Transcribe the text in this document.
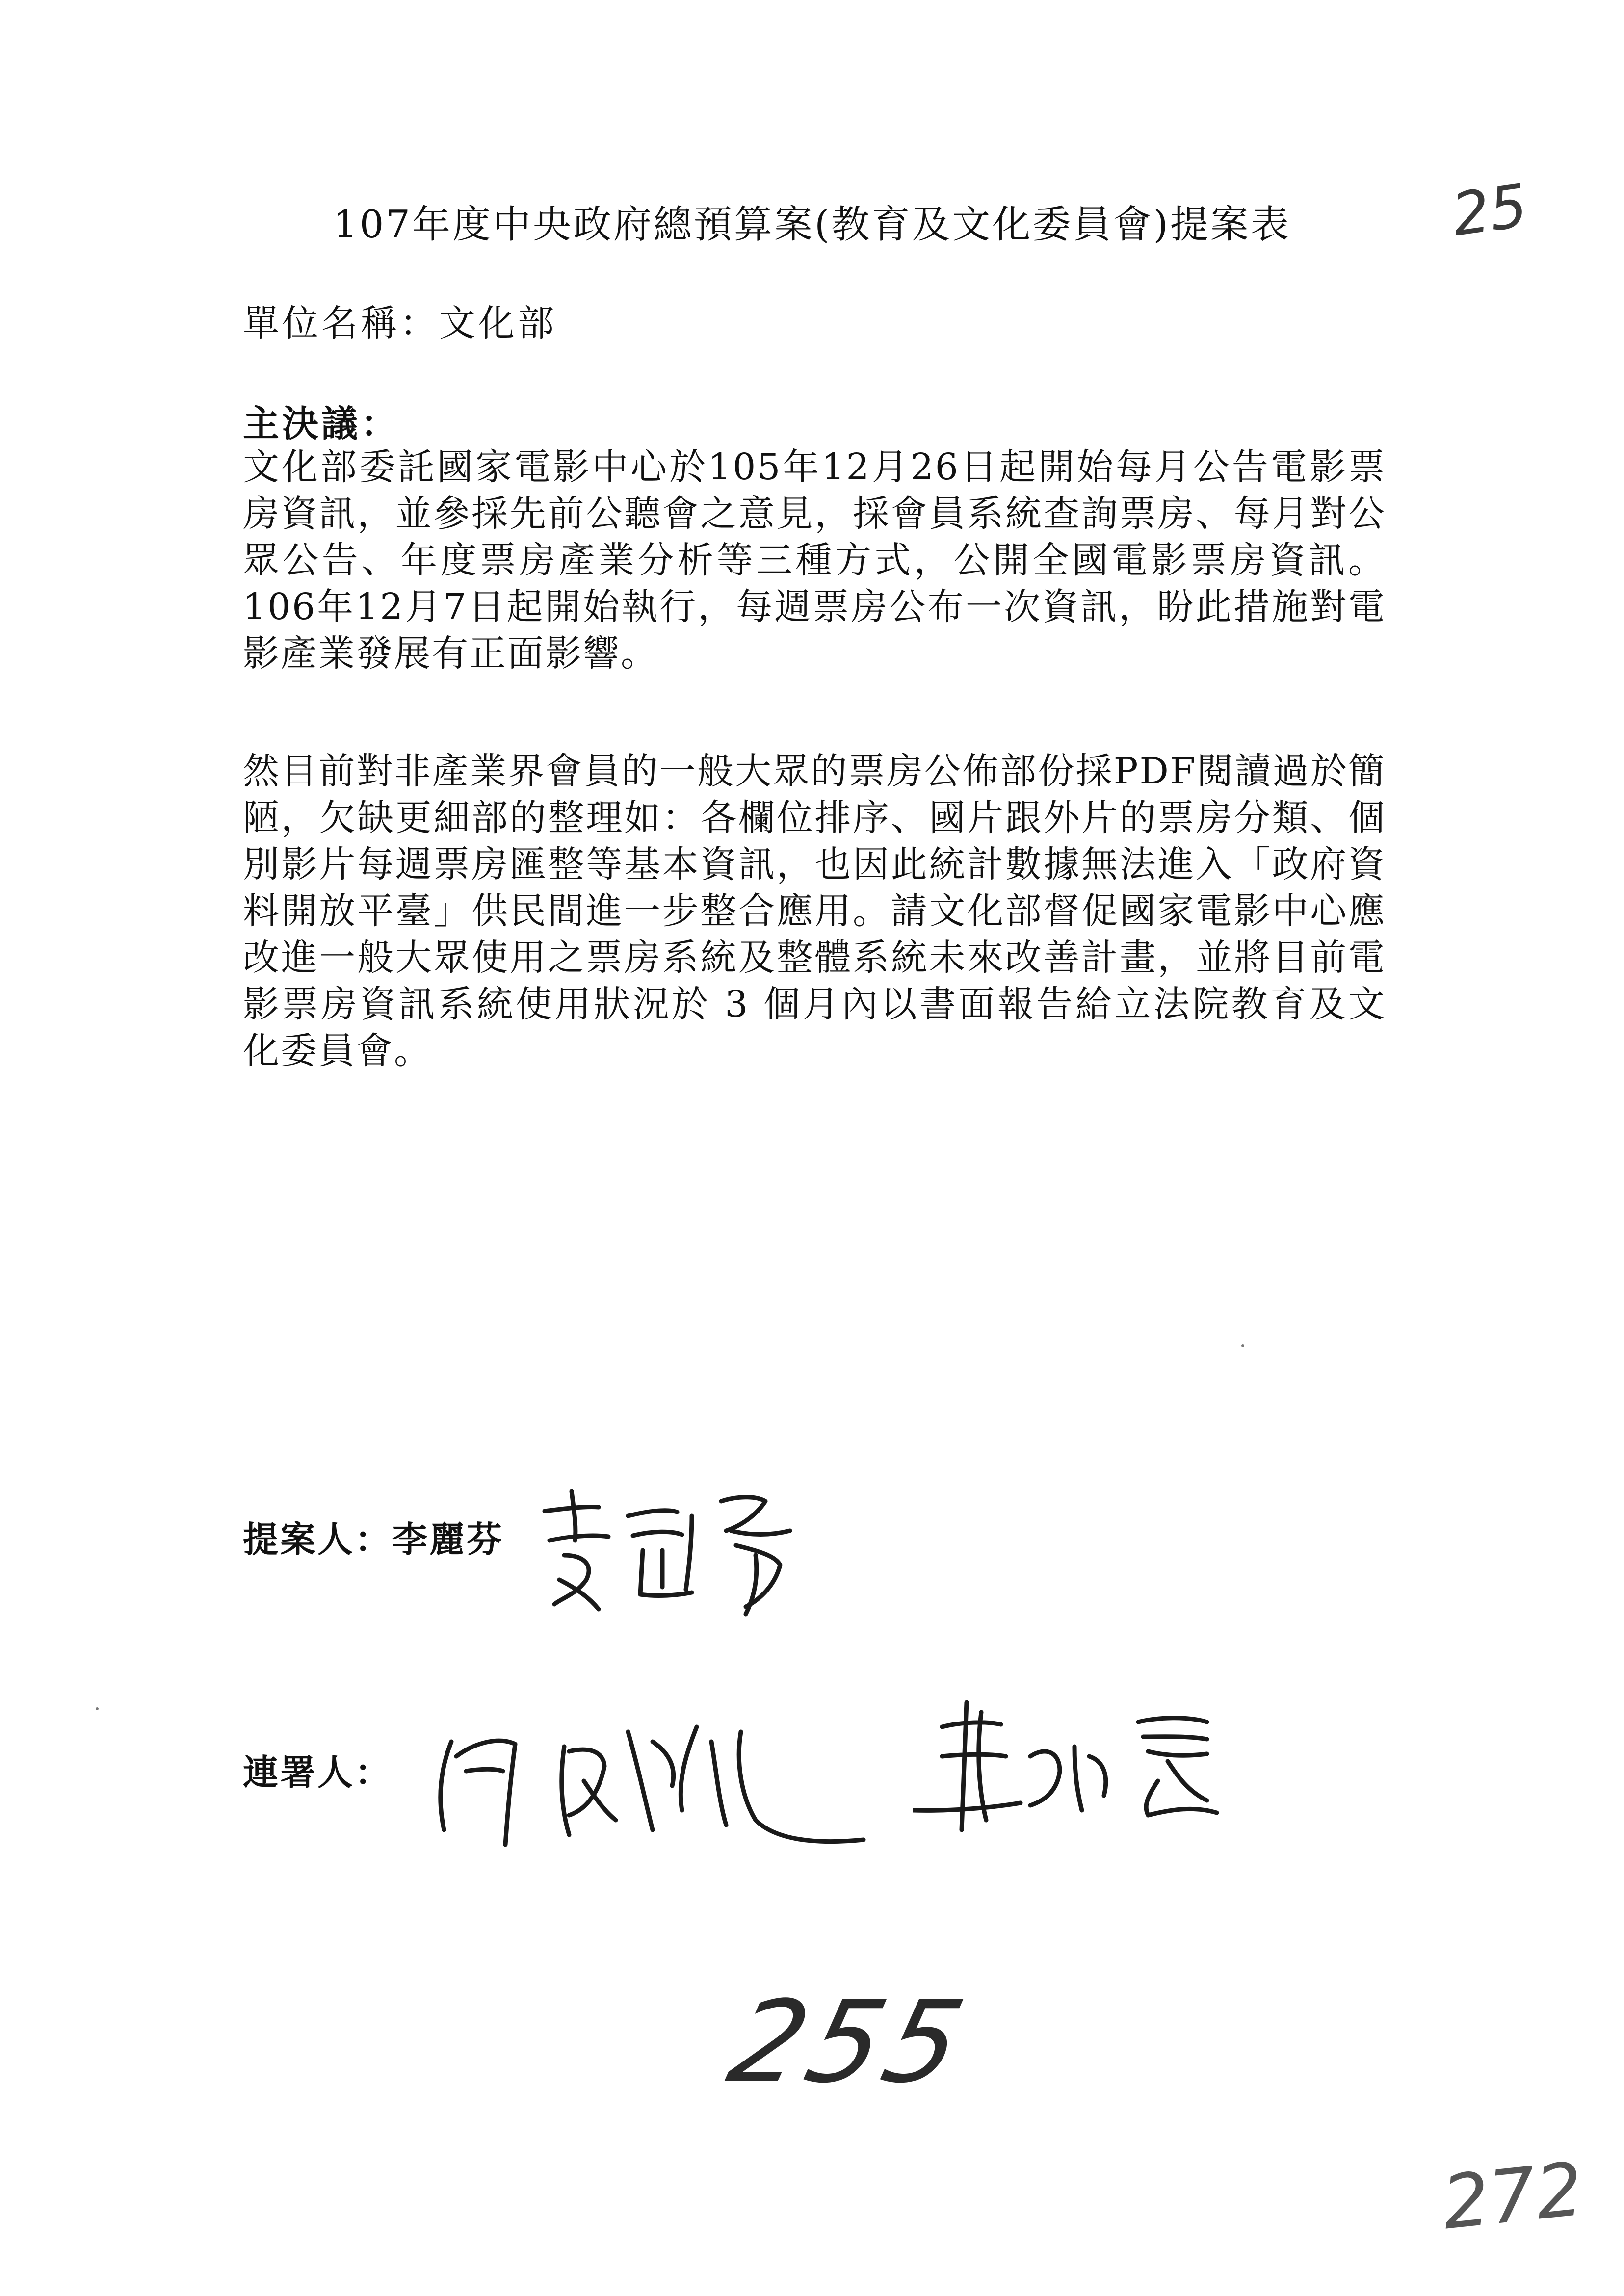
107年度中央政府總預算案(教育及文化委員會)提案表	25
單位名稱：文化部
主決議：
文化部委託國家電影中心於105年12月26日起開始每月公告電影票房資訊，並參採先前公聽會之意見，採會員系統查詢票房、每月對公眾公告、年度票房產業分析等三種方式，公開全國電影票房資訊。106年12月7日起開始執行，每週票房公布一次資訊，盼此措施對電影產業發展有正面影響。
然目前對非產業界會員的一般大眾的票房公佈部份採PDF閱讀過於簡陋，欠缺更細部的整理如：各欄位排序、國片跟外片的票房分類、個別影片每週票房匯整等基本資訊，也因此統計數據無法進入「政府資料開放平臺」供民間進一步整合應用。請文化部督促國家電影中心應改進一般大眾使用之票房系統及整體系統未來改善計畫，並將目前電影票房資訊系統使用狀況於 3 個月內以書面報告給立法院教育及文化委員會。
提案人：李麗芬
連署人：
255
272
